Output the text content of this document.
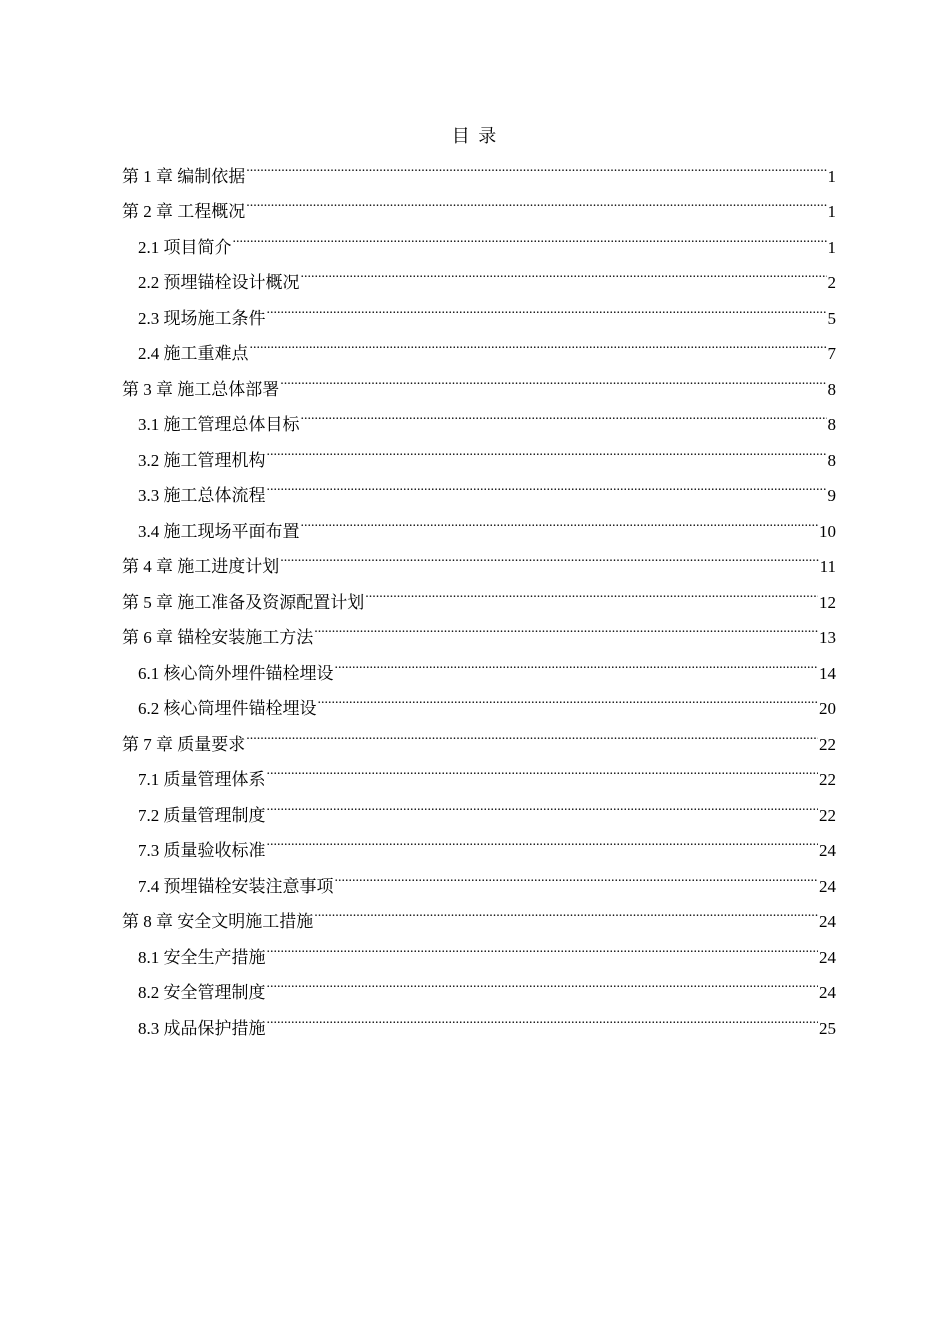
目 录
第 1 章 编制依据 .....	1
第 2 章 工程概况 .....	1
2.1 项目简介 .....	1
2.2 预埋锚栓设计概况 .....	2
2.3 现场施工条件 .....	5
2.4 施工重难点 .....	7
第 3 章 施工总体部署 .....	8
3.1 施工管理总体目标 .....	8
3.2 施工管理机构 .....	8
3.3 施工总体流程 .....	9
3.4 施工现场平面布置 .....	10
第 4 章 施工进度计划 .....	11
第 5 章 施工准备及资源配置计划 .....	12
第 6 章 锚栓安装施工方法 .....	13
6.1 核心筒外埋件锚栓埋设 .....	14
6.2 核心筒埋件锚栓埋设 .....	20
第 7 章 质量要求 .....	22
7.1 质量管理体系 .....	22
7.2 质量管理制度 .....	22
7.3 质量验收标准 .....	24
7.4 预埋锚栓安装注意事项 .....	24
第 8 章 安全文明施工措施 .....	24
8.1 安全生产措施 .....	24
8.2 安全管理制度 .....	24
8.3 成品保护措施 .....	25
